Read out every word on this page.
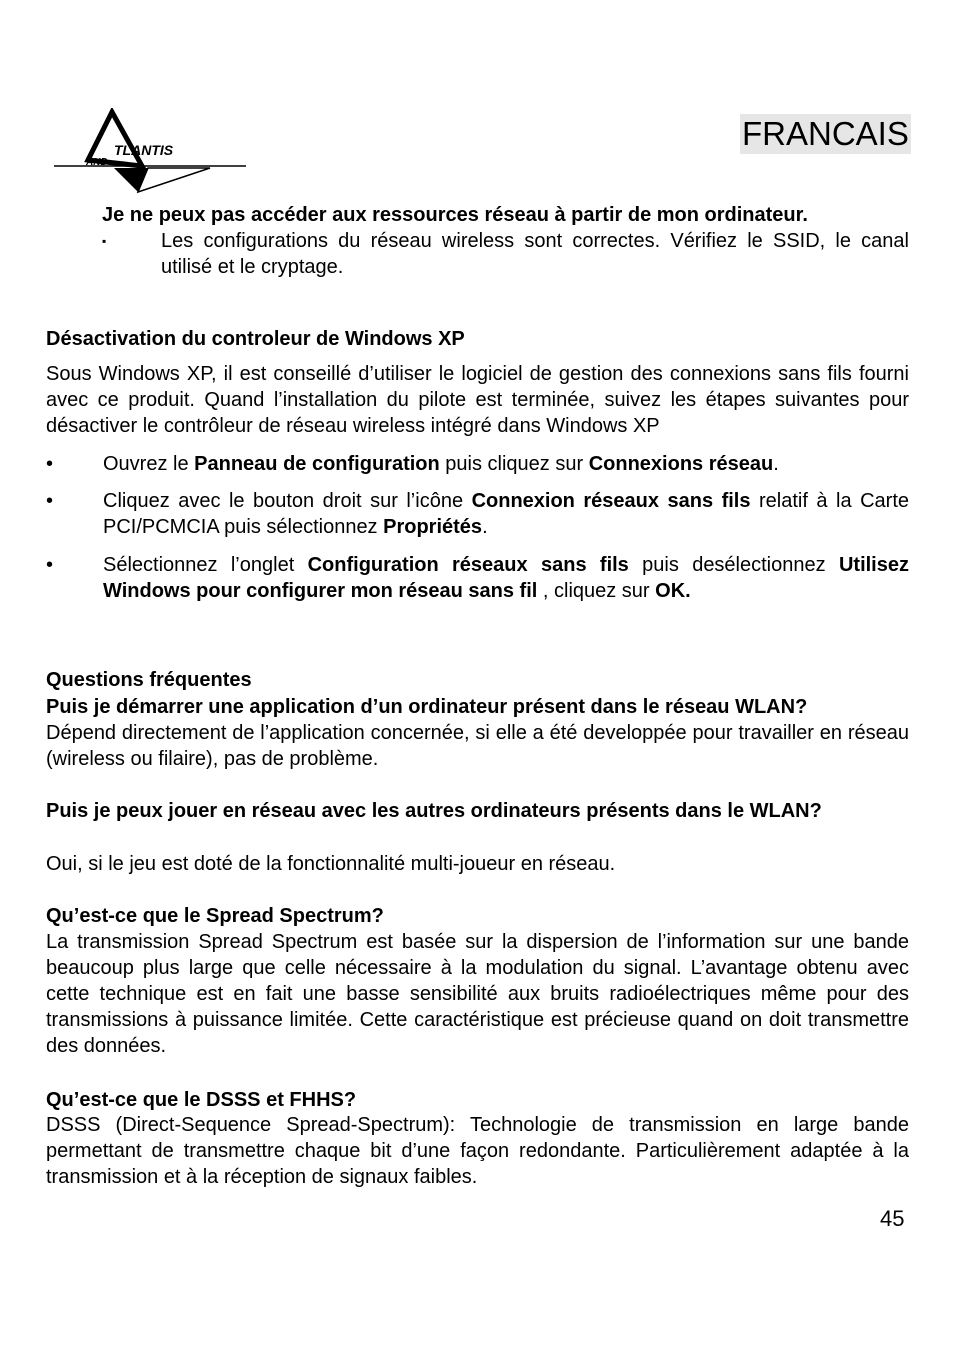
TLANTIS
AND
FRANCAIS
Je ne peux pas accéder aux ressources réseau à partir de mon ordinateur.
▪	Les configurations du réseau wireless sont correctes. Vérifiez le SSID, le canal utilisé et le cryptage.
Désactivation du controleur de Windows XP
Sous Windows XP, il est conseillé d’utiliser le logiciel de gestion des connexions sans fils fourni avec ce produit. Quand l’installation du pilote est terminée, suivez les étapes suivantes pour désactiver le contrôleur de réseau wireless intégré dans Windows XP
• Ouvrez le Panneau de configuration puis cliquez sur Connexions réseau.
• Cliquez avec le bouton droit sur l’icône Connexion réseaux sans fils relatif à la Carte PCI/PCMCIA puis sélectionnez Propriétés.
• Sélectionnez l’onglet Configuration réseaux sans fils puis desélectionnez Utilisez Windows pour configurer mon réseau sans fil , cliquez sur OK.
Questions fréquentes
Puis je démarrer une application d’un ordinateur présent dans le réseau WLAN?
Dépend directement de l’application concernée, si elle a été developpée pour travailler en réseau (wireless ou filaire), pas de problème.
Puis je peux jouer en réseau avec les autres ordinateurs présents dans le WLAN?
Oui, si le jeu est doté de la fonctionnalité multi-joueur en réseau.
Qu’est-ce que le Spread Spectrum?
La transmission Spread Spectrum est basée sur la dispersion de l’information sur une bande beaucoup plus large que celle nécessaire à la modulation du signal. L’avantage obtenu avec cette technique est en fait une basse sensibilité aux bruits radioélectriques même pour des transmissions à puissance limitée. Cette caractéristique est précieuse quand on doit transmettre des données.
Qu’est-ce que le DSSS et FHHS?
DSSS (Direct-Sequence Spread-Spectrum): Technologie de transmission en large bande permettant de transmettre chaque bit d’une façon redondante. Particulièrement adaptée à la transmission et à la réception de signaux faibles.
45
